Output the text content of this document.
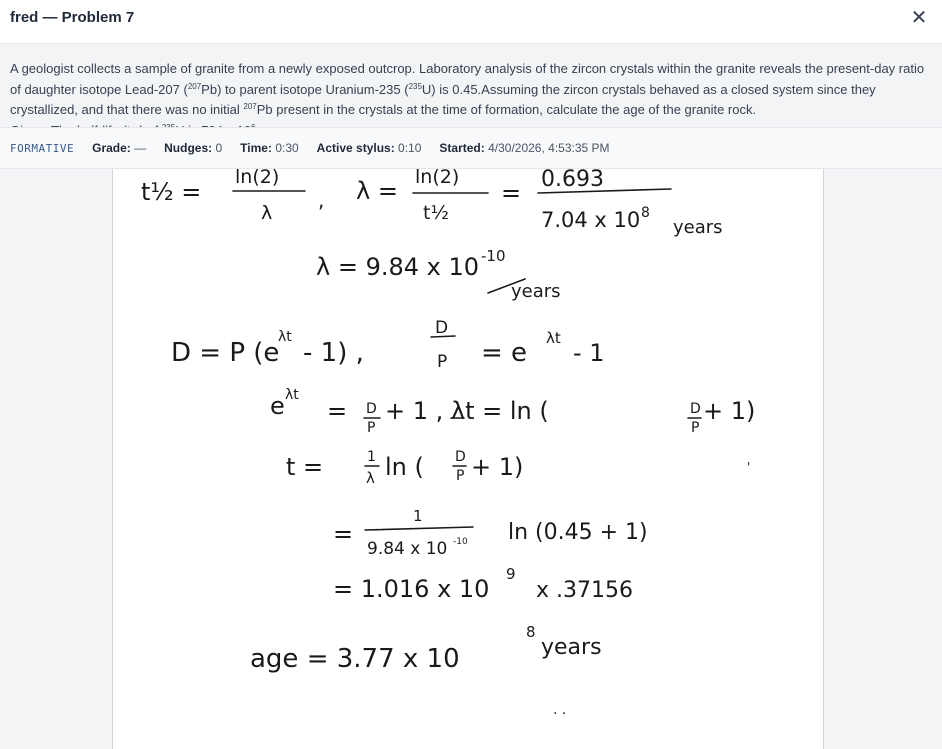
fred — Problem 7	✕
A geologist collects a sample of granite from a newly exposed outcrop. Laboratory analysis of the zircon crystals within the granite reveals the present-day ratio of daughter isotope Lead-207 ($^{207}$Pb) to parent isotope Uranium-235 ($^{235}$U) is 0.45.Assuming the zircon crystals behaved as a closed system since they crystallized, and that there was no initial $^{207}$Pb present in the crystals at the time of formation, calculate the age of the granite rock.

FORMATIVE Grade: — Nudges: 0 Time: 0:30 Active stylus: 0:10 Started: 4/30/2026, 4:53:35 PM
t½ =
ln(2)
λ
, λ = ln(2)
t½
= 0.693
7.04 x 10 8
years
λ = 9.84 x 10 -10
years
D = P (e
λt
- 1) ,
D
P = e λt
- 1
e λt
= D
P
+ 1 , λt = ln (	D
P
+ 1)
t =	1
λ ln ( D
P + 1)
=
1
9.84 x 10 -10 ln (0.45 + 1)
= 1.016 x 10
9
x .37156
age = 3.77 x 10
8
years
. .
'
